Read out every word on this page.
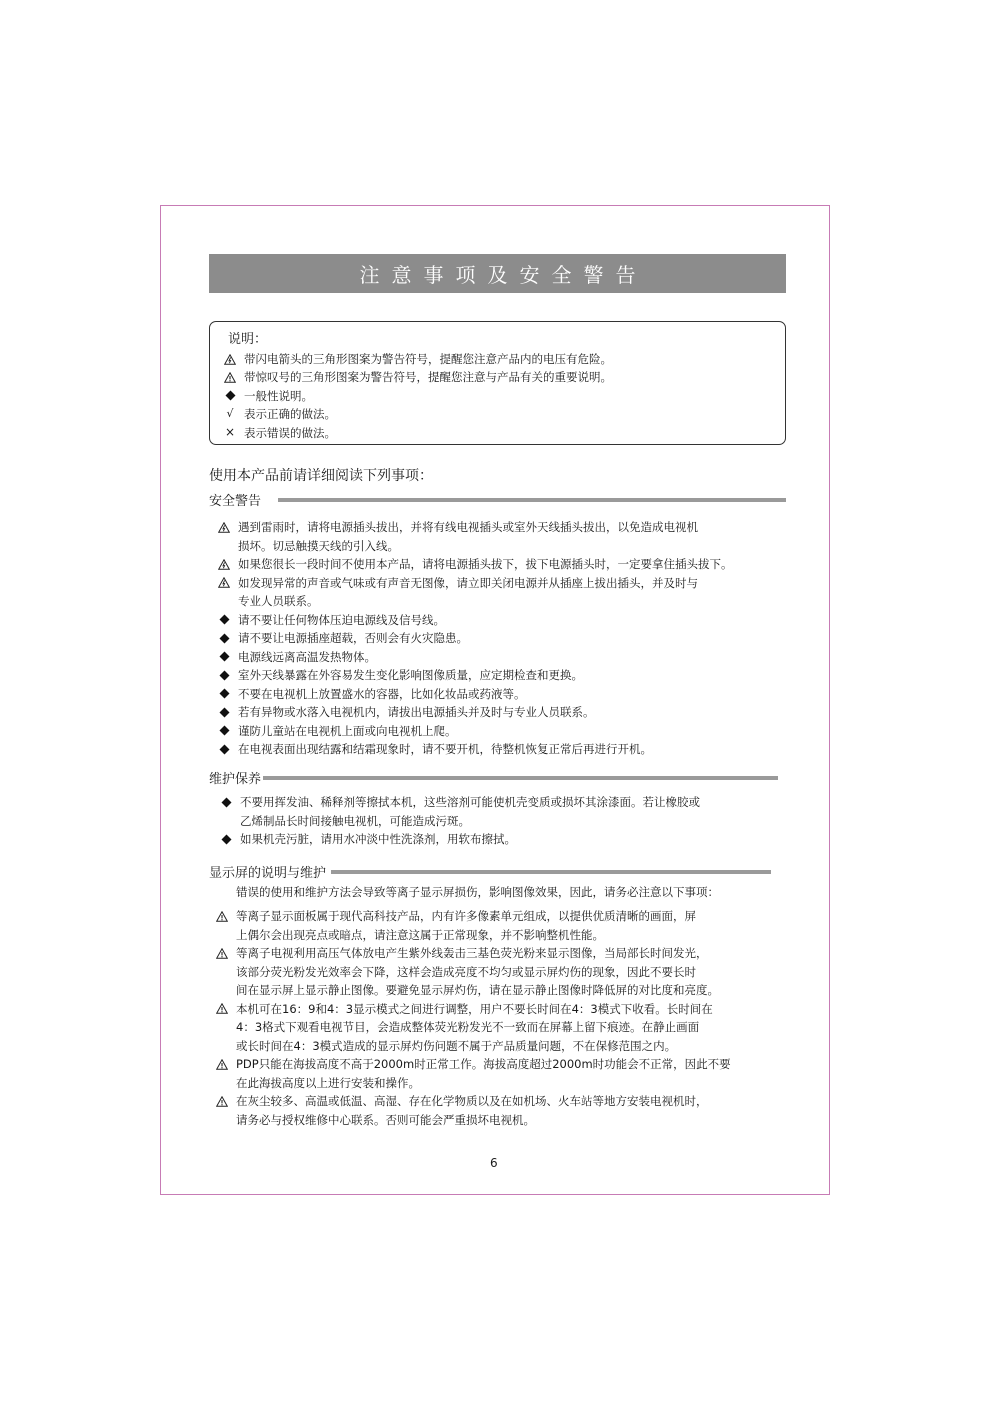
注意事项及安全警告
说明：
带闪电箭头的三角形图案为警告符号，提醒您注意产品内的电压有危险。
带惊叹号的三角形图案为警告符号，提醒您注意与产品有关的重要说明。
一般性说明。
√ 表示正确的做法。
× 表示错误的做法。
使用本产品前请详细阅读下列事项：
安全警告
遇到雷雨时，请将电源插头拔出，并将有线电视插头或室外天线插头拔出，以免造成电视机
损坏。切忌触摸天线的引入线。
如果您很长一段时间不使用本产品，请将电源插头拔下，拔下电源插头时，一定要拿住插头拔下。
如发现异常的声音或气味或有声音无图像，请立即关闭电源并从插座上拔出插头，并及时与
专业人员联系。
请不要让任何物体压迫电源线及信号线。
请不要让电源插座超载，否则会有火灾隐患。
电源线远离高温发热物体。
室外天线暴露在外容易发生变化影响图像质量，应定期检查和更换。
不要在电视机上放置盛水的容器，比如化妆品或药液等。
若有异物或水落入电视机内，请拔出电源插头并及时与专业人员联系。
谨防儿童站在电视机上面或向电视机上爬。
在电视表面出现结露和结霜现象时，请不要开机，待整机恢复正常后再进行开机。
维护保养
不要用挥发油、稀释剂等擦拭本机，这些溶剂可能使机壳变质或损坏其涂漆面。若让橡胶或
乙烯制品长时间接触电视机，可能造成污斑。
如果机壳污脏，请用水冲淡中性洗涤剂，用软布擦拭。
显示屏的说明与维护
错误的使用和维护方法会导致等离子显示屏损伤，影响图像效果，因此，请务必注意以下事项：
等离子显示面板属于现代高科技产品，内有许多像素单元组成，以提供优质清晰的画面，屏
上偶尔会出现亮点或暗点，请注意这属于正常现象，并不影响整机性能。
等离子电视利用高压气体放电产生紫外线轰击三基色荧光粉来显示图像，当局部长时间发光，
该部分荧光粉发光效率会下降，这样会造成亮度不均匀或显示屏灼伤的现象，因此不要长时
间在显示屏上显示静止图像。要避免显示屏灼伤，请在显示静止图像时降低屏的对比度和亮度。
本机可在16：9和4：3显示模式之间进行调整，用户不要长时间在4：3模式下收看。长时间在
4：3格式下观看电视节目，会造成整体荧光粉发光不一致而在屏幕上留下痕迹。在静止画面
或长时间在4：3模式造成的显示屏灼伤问题不属于产品质量问题，不在保修范围之内。
PDP只能在海拔高度不高于2000m时正常工作。海拔高度超过2000m时功能会不正常，因此不要
在此海拔高度以上进行安装和操作。
在灰尘较多、高温或低温、高湿、存在化学物质以及在如机场、火车站等地方安装电视机时，
请务必与授权维修中心联系。否则可能会严重损坏电视机。
6
